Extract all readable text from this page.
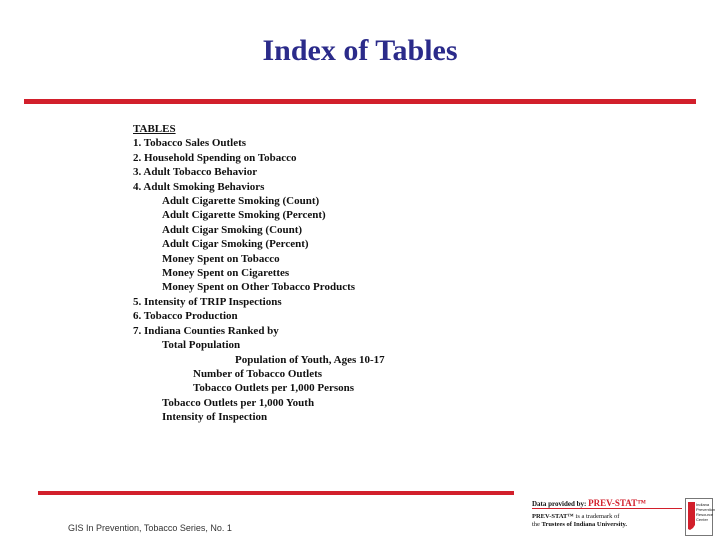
Index of Tables
TABLES
1. Tobacco Sales Outlets
2. Household Spending on Tobacco
3. Adult Tobacco Behavior
4. Adult Smoking Behaviors
Adult Cigarette Smoking (Count)
Adult Cigarette Smoking (Percent)
Adult Cigar Smoking (Count)
Adult Cigar Smoking (Percent)
Money Spent on Tobacco
Money Spent on Cigarettes
Money Spent on Other Tobacco Products
5. Intensity of TRIP Inspections
6. Tobacco Production
7. Indiana Counties Ranked by
Total Population
Population of Youth, Ages 10-17
Number of Tobacco Outlets
Tobacco Outlets per 1,000 Persons
Tobacco Outlets per 1,000 Youth
Intensity of Inspection
GIS In Prevention, Tobacco Series, No. 1
Data provided by: PREV-STAT™
PREV-STAT™ is a trademark of
the Trustees of Indiana University.
Indiana
Prevention
Resource
Center
